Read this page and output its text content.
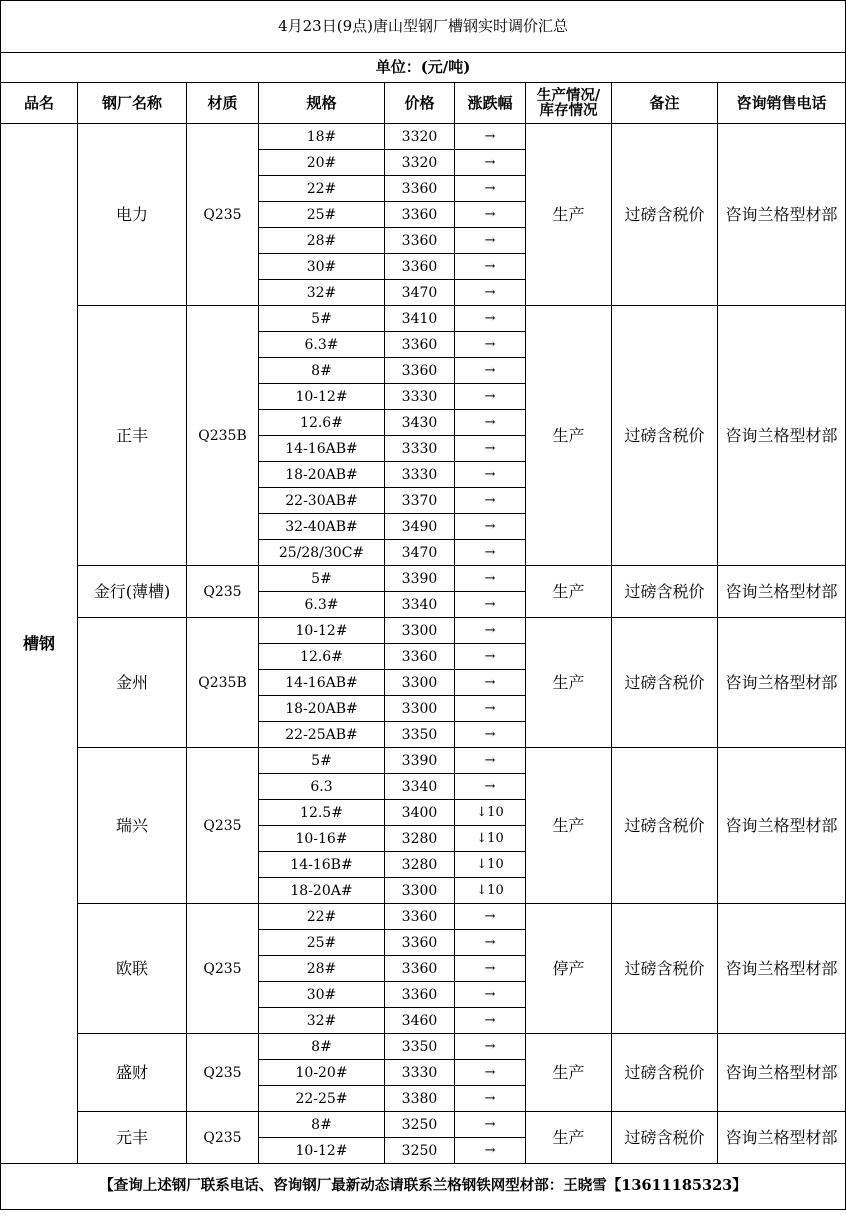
4月23日(9点)唐山型钢厂槽钢实时调价汇总								
单位：(元/吨)								
品名	钢厂名称	材质	规格	价格	涨跌幅	生产情况/
库存情况	备注	咨询销售电话
槽钢	电力	Q235	18#	3320	→	生产	过磅含税价	咨询兰格型材部
			20#	3320	→			
			22#	3360	→			
			25#	3360	→			
			28#	3360	→			
			30#	3360	→			
			32#	3470	→			
	正丰	Q235B	5#	3410	→	生产	过磅含税价	咨询兰格型材部
			6.3#	3360	→			
			8#	3360	→			
			10-12#	3330	→			
			12.6#	3430	→			
			14-16AB#	3330	→			
			18-20AB#	3330	→			
			22-30AB#	3370	→			
			32-40AB#	3490	→			
			25/28/30C#	3470	→			
	金行(薄槽)	Q235	5#	3390	→	生产	过磅含税价	咨询兰格型材部
			6.3#	3340	→			
	金州	Q235B	10-12#	3300	→	生产	过磅含税价	咨询兰格型材部
			12.6#	3360	→			
			14-16AB#	3300	→			
			18-20AB#	3300	→			
			22-25AB#	3350	→			
	瑞兴	Q235	5#	3390	→	生产	过磅含税价	咨询兰格型材部
			6.3	3340	→			
			12.5#	3400	↓10			
			10-16#	3280	↓10			
			14-16B#	3280	↓10			
			18-20A#	3300	↓10			
	欧联	Q235	22#	3360	→	停产	过磅含税价	咨询兰格型材部
			25#	3360	→			
			28#	3360	→			
			30#	3360	→			
			32#	3460	→			
	盛财	Q235	8#	3350	→	生产	过磅含税价	咨询兰格型材部
			10-20#	3330	→			
			22-25#	3380	→			
	元丰	Q235	8#	3250	→	生产	过磅含税价	咨询兰格型材部
			10-12#	3250	→			
【查询上述钢厂联系电话、咨询钢厂最新动态请联系兰格钢铁网型材部：王晓雪【13611185323】								
